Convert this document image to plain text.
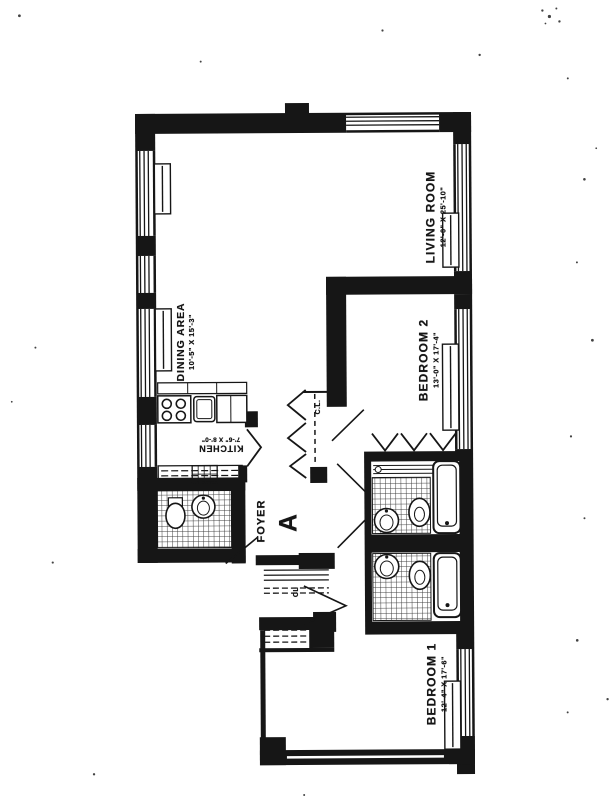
LIVING ROOM 12'-0" X 25'-10"
DINING AREA 10'-5" X 15'-3"
KITCHEN
7'-6" X 8'-0"
BEDROOM 2 13'-0" X 17'-4"
BEDROOM 1 12'-4" X 17'-6"
FOYER A
C.L.
CL
